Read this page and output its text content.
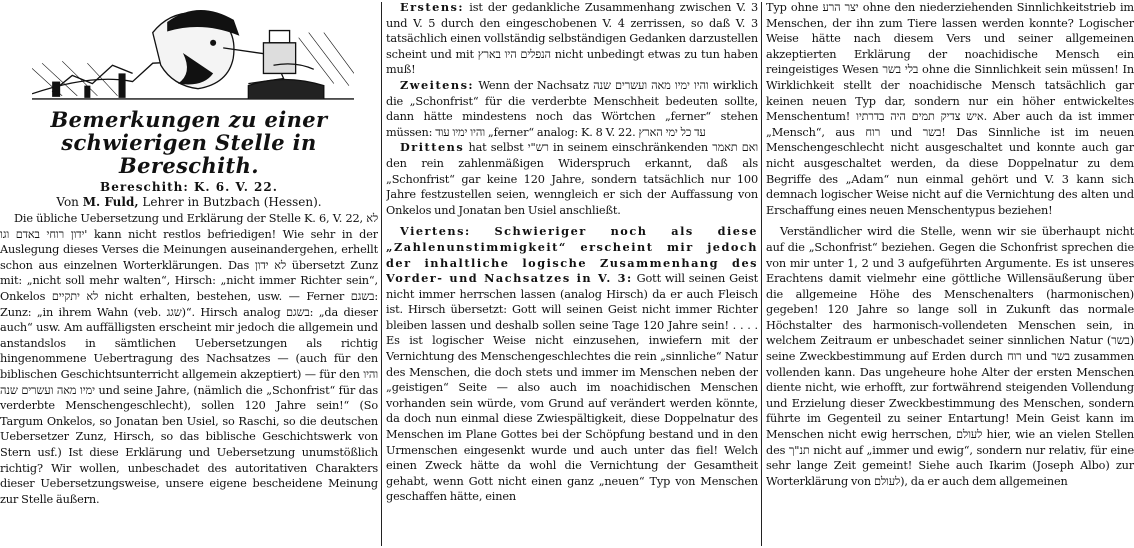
Bemerkungen zu einer schwierigen Stelle in Bereschith.
Bereschith: K. 6. V. 22.
Von M. Fuld, Lehrer in Butzbach (Hessen).

Die übliche Uebersetzung und Erklärung der Stelle K. 6, V. 22, לא ידון רוחי באדם וגו' kann nicht restlos befriedigen! Wie sehr in der Auslegung dieses Verses die Meinungen auseinandergehen, erhellt schon aus einzelnen Worterklärungen. Das לא ידון übersetzt Zunz mit: „nicht soll mehr walten“, Hirsch: „nicht immer Richter sein“, Onkelos לא יתקיים nicht erhalten, bestehen, usw. — Ferner בשגם: Zunz: „in ihrem Wahn (veb. שגג)“. Hirsch analog בשגם: „da dieser auch“ usw. Am auffälligsten erscheint mir jedoch die allgemein und anstandslos in sämtlichen Uebersetzungen als richtig hingenommene Uebertragung des Nachsatzes — (auch für den biblischen Geschichtsunterricht allgemein akzeptiert) — für den והיו ימיו מאה ועשרים שנה und seine Jahre, (nämlich die „Schonfrist“ für das verderbte Menschengeschlecht), sollen 120 Jahre sein!“ (So Targum Onkelos, so Jonatan ben Usiel, so Raschi, so die deutschen Uebersetzer Zunz, Hirsch, so das biblische Geschichtswerk von Stern usf.) Ist diese Erklärung und Uebersetzung unumstößlich richtig? Wir wollen, unbeschadet des autoritativen Charakters dieser Uebersetzungsweise, unsere eigene bescheidene Meinung zur Stelle äußern.

Erstens: ist der gedankliche Zusammenhang zwischen V. 3 und V. 5 durch den eingeschobenen V. 4 zerrissen, so daß V. 3 tatsächlich einen vollständig selbständigen Gedanken darzustellen scheint und mit הנפלים היו בארץ nicht unbedingt etwas zu tun haben muß!

Zweitens: Wenn der Nachsatz והיו ימיו מאה ועשרים שנה wirklich die „Schonfrist“ für die verderbte Menschheit bedeuten sollte, dann hätte mindestens noch das Wörtchen „ferner“ stehen müssen: והיו ימיו עוד „ferner“ analog: K. 8 V. 22. עד כל ימי הארץ

Drittens hat selbst רש"י in seinem einschränkenden ואם תאמר den rein zahlenmäßigen Widerspruch erkannt, daß als „Schonfrist“ gar keine 120 Jahre, sondern tatsächlich nur 100 Jahre festzustellen seien, wenngleich er sich der Auffassung von Onkelos und Jonatan ben Usiel anschließt.

Viertens: Schwieriger noch als diese „Zahlenunstimmigkeit“ erscheint mir jedoch der inhaltliche logische Zusammenhang des Vorder- und Nachsatzes in V. 3: Gott will seinen Geist nicht immer herrschen lassen (analog Hirsch) da er auch Fleisch ist. Hirsch übersetzt: Gott will seinen Geist nicht immer Richter bleiben lassen und deshalb sollen seine Tage 120 Jahre sein! . . . . Es ist logischer Weise nicht einzusehen, inwiefern mit der Vernichtung des Menschengeschlechtes die rein „sinnliche“ Natur des Menschen, die doch stets und immer im Menschen neben der „geistigen“ Seite — also auch im noachidischen Menschen vorhanden sein würde, vom Grund auf verändert werden könnte, da doch nun einmal diese Zwiespältigkeit, diese Doppelnatur des Menschen im Plane Gottes bei der Schöpfung bestand und in den Urmenschen eingesenkt wurde und auch unter das fiel! Welch einen Zweck hätte da wohl die Vernichtung der Gesamtheit gehabt, wenn Gott nicht einen ganz „neuen“ Typ von Menschen geschaffen hätte, einen

Typ ohne יצר הרע ohne den niederziehenden Sinnlichkeitstrieb im Menschen, der ihn zum Tiere lassen werden konnte? Logischer Weise hätte nach diesem Vers und seiner allgemeinen akzeptierten Erklärung der noachidische Mensch ein reingeistiges Wesen בלי בשר ohne die Sinnlichkeit sein müssen! In Wirklichkeit stellt der noachidische Mensch tatsächlich gar keinen neuen Typ dar, sondern nur ein höher entwickeltes Menschentum! איש צדיק תמים היה בדרתיו. Aber auch da ist immer „Mensch“, aus רוח und בשר! Das Sinnliche ist im neuen Menschengeschlecht nicht ausgeschaltet und konnte auch gar nicht ausgeschaltet werden, da diese Doppelnatur zu dem Begriffe des „Adam“ nun einmal gehört und V. 3 kann sich demnach logischer Weise nicht auf die Vernichtung des alten und Erschaffung eines neuen Menschentypus beziehen!

Verständlicher wird die Stelle, wenn wir sie überhaupt nicht auf die „Schonfrist“ beziehen. Gegen die Schonfrist sprechen die von mir unter 1, 2 und 3 aufgeführten Argumente. Es ist unseres Erachtens damit vielmehr eine göttliche Willensäußerung über die allgemeine Höhe des Menschenalters (harmonischen) gegeben! 120 Jahre so lange soll in Zukunft das normale Höchstalter des harmonisch-vollendeten Menschen sein, in welchem Zeitraum er unbeschadet seiner sinnlichen Natur (בשר) seine Zweckbestimmung auf Erden durch רוח und בשר zusammen vollenden kann. Das ungeheure hohe Alter der ersten Menschen diente nicht, wie erhofft, zur fortwährend steigenden Vollendung und Erzielung dieser Zweckbestimmung des Menschen, sondern führte im Gegenteil zu seiner Entartung! Mein Geist kann im Menschen nicht ewig herrschen, לעולם hier, wie an vielen Stellen des תנ"ך nicht auf „immer und ewig“, sondern nur relativ, für eine sehr lange Zeit gemeint! Siehe auch Ikarim (Joseph Albo) zur Worterklärung von לעולם), da er auch dem allgemeinen
